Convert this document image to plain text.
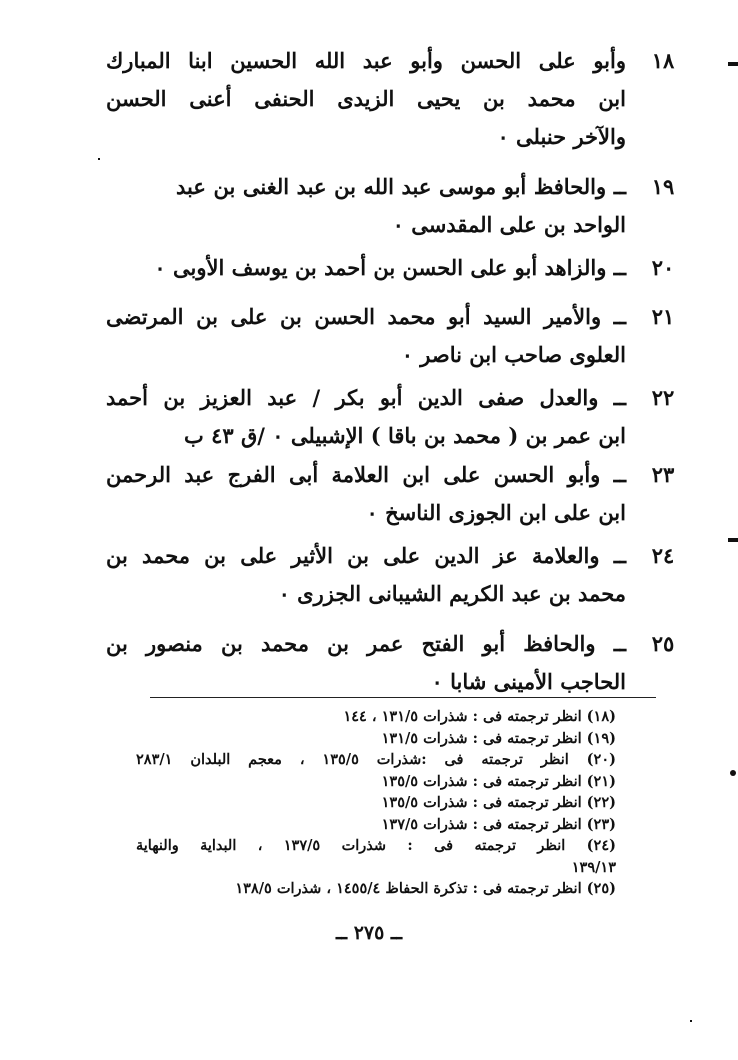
١٨
وأبو على الحسن وأبو عبد الله الحسين ابنا المبارك
ابن محمد بن يحيى الزيدى الحنفى أعنى الحسن
والآخر حنبلى ٠
١٩
ــ والحافظ أبو موسى عبد الله بن عبد الغنى بن عبد
الواحد بن على المقدسى ٠
٢٠
ــ والزاهد أبو على الحسن بن أحمد بن يوسف الأوبى ٠
٢١
ــ والأمير السيد أبو محمد الحسن بن على بن المرتضى
العلوى صاحب ابن ناصر ٠
٢٢
ــ والعدل صفى الدين أبو بكر / عبد العزيز بن أحمد
ابن عمر بن ( محمد بن باقا ) الإشبيلى ٠ /ق ٤٣ ب
٢٣
ــ وأبو الحسن على ابن العلامة أبى الفرج عبد الرحمن
ابن على ابن الجوزى الناسخ ٠
٢٤
ــ والعلامة عز الدين على بن الأثير على بن محمد بن
محمد بن عبد الكريم الشيبانى الجزرى ٠
٢٥
ــ والحافظ أبو الفتح عمر بن محمد بن منصور بن
الحاجب الأمينى شابا ٠
(١٨) انظر ترجمته فى : شذرات ١٣١/٥ ، ١٤٤
(١٩) انظر ترجمته فى : شذرات ١٣١/٥
(٢٠) انظر ترجمته فى :شذرات ١٣٥/٥ ، معجم البلدان ٢٨٣/١
(٢١) انظر ترجمته فى : شذرات ١٣٥/٥
(٢٢) انظر ترجمته فى : شذرات ١٣٥/٥
(٢٣) انظر ترجمته فى : شذرات ١٣٧/٥
(٢٤) انظر ترجمته فى : شذرات ١٣٧/٥ ، البداية والنهاية
١٣٩/١٣
(٢٥) انظر ترجمته فى : تذكرة الحفاظ ١٤٥٥/٤ ، شذرات ١٣٨/٥
ــ ٢٧٥ ــ
